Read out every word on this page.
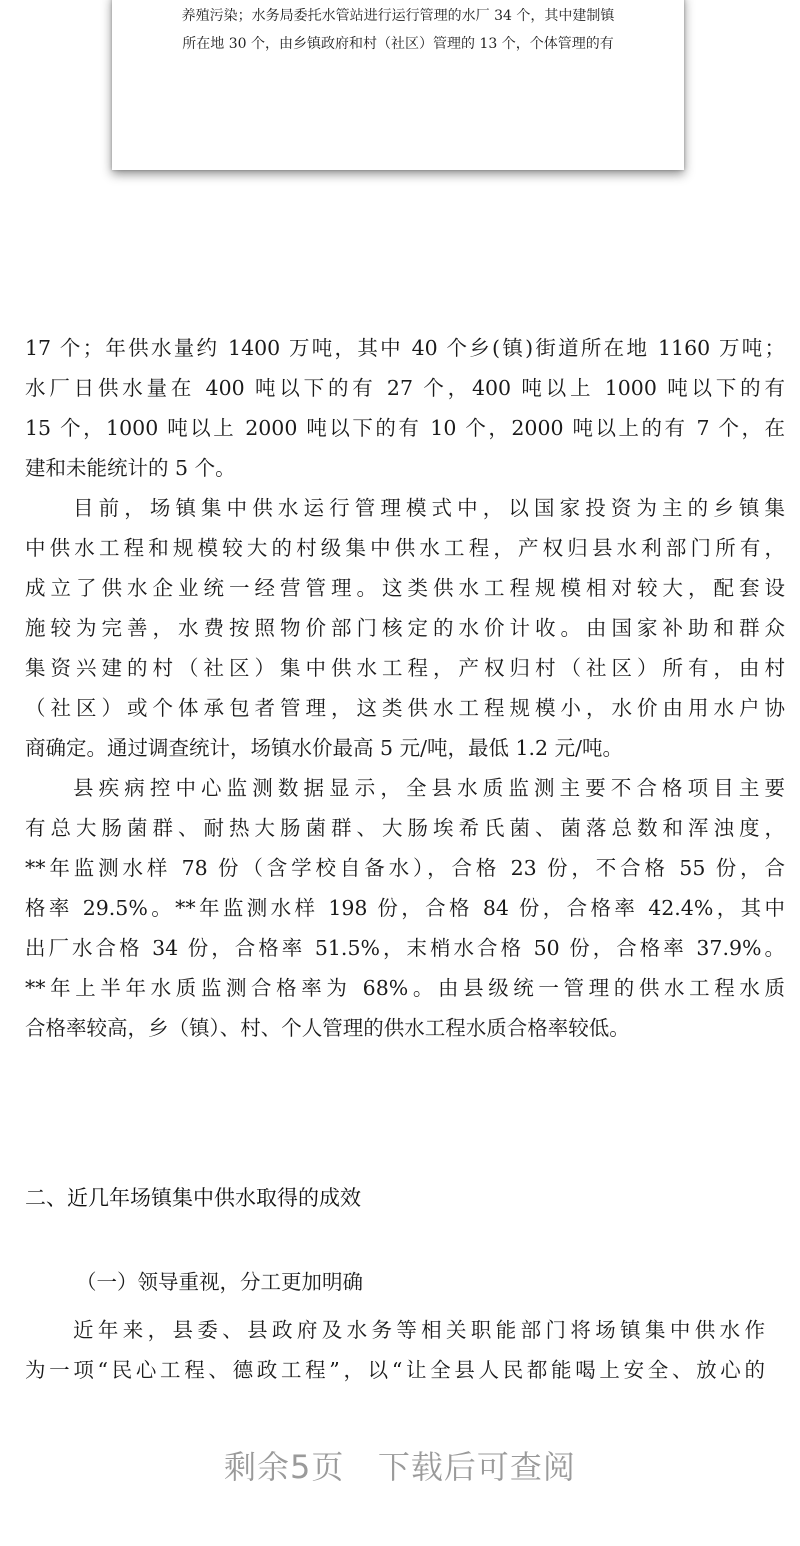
养殖污染；水务局委托水管站进行运行管理的水厂 34 个，其中建制镇
所在地 30 个，由乡镇政府和村（社区）管理的 13 个，个体管理的有
17 个；年供水量约 1400 万吨，其中 40 个乡(镇)街道所在地 1160 万吨；
水厂日供水量在 400 吨以下的有 27 个，400 吨以上 1000 吨以下的有
15 个，1000 吨以上 2000 吨以下的有 10 个，2000 吨以上的有 7 个，在
建和未能统计的 5 个。
目前，场镇集中供水运行管理模式中，以国家投资为主的乡镇集
中供水工程和规模较大的村级集中供水工程，产权归县水利部门所有，
成立了供水企业统一经营管理。这类供水工程规模相对较大，配套设
施较为完善，水费按照物价部门核定的水价计收。由国家补助和群众
集资兴建的村（社区）集中供水工程，产权归村（社区）所有，由村
（社区）或个体承包者管理，这类供水工程规模小，水价由用水户协
商确定。通过调查统计，场镇水价最高 5 元/吨，最低 1.2 元/吨。
县疾病控中心监测数据显示，全县水质监测主要不合格项目主要
有总大肠菌群、耐热大肠菌群、大肠埃希氏菌、菌落总数和浑浊度，
**年监测水样 78 份（含学校自备水），合格 23 份，不合格 55 份，合
格率 29.5%。**年监测水样 198 份，合格 84 份，合格率 42.4%，其中
出厂水合格 34 份，合格率 51.5%，末梢水合格 50 份，合格率 37.9%。
**年上半年水质监测合格率为 68%。由县级统一管理的供水工程水质
合格率较高，乡（镇）、村、个人管理的供水工程水质合格率较低。
二、近几年场镇集中供水取得的成效
（一）领导重视，分工更加明确
近年来，县委、县政府及水务等相关职能部门将场镇集中供水作
为一项“民心工程、德政工程”，以“让全县人民都能喝上安全、放心的
剩余5页   下载后可查阅
